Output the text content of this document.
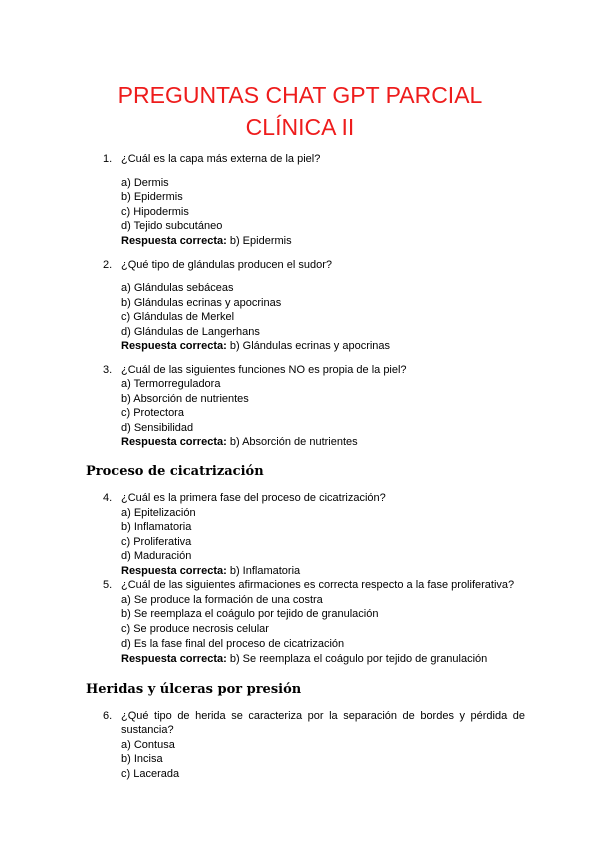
PREGUNTAS CHAT GPT PARCIAL
CLÍNICA II
1. ¿Cuál es la capa más externa de la piel?
a) Dermis
b) Epidermis
c) Hipodermis
d) Tejido subcutáneo
Respuesta correcta: b) Epidermis
2. ¿Qué tipo de glándulas producen el sudor?
a) Glándulas sebáceas
b) Glándulas ecrinas y apocrinas
c) Glándulas de Merkel
d) Glándulas de Langerhans
Respuesta correcta: b) Glándulas ecrinas y apocrinas
3. ¿Cuál de las siguientes funciones NO es propia de la piel?
a) Termorreguladora
b) Absorción de nutrientes
c) Protectora
d) Sensibilidad
Respuesta correcta: b) Absorción de nutrientes
Proceso de cicatrización
4. ¿Cuál es la primera fase del proceso de cicatrización?
a) Epitelización
b) Inflamatoria
c) Proliferativa
d) Maduración
Respuesta correcta: b) Inflamatoria
5. ¿Cuál de las siguientes afirmaciones es correcta respecto a la fase proliferativa?
a) Se produce la formación de una costra
b) Se reemplaza el coágulo por tejido de granulación
c) Se produce necrosis celular
d) Es la fase final del proceso de cicatrización
Respuesta correcta: b) Se reemplaza el coágulo por tejido de granulación
Heridas y úlceras por presión
6. ¿Qué tipo de herida se caracteriza por la separación de bordes y pérdida de sustancia?
a) Contusa
b) Incisa
c) Lacerada
